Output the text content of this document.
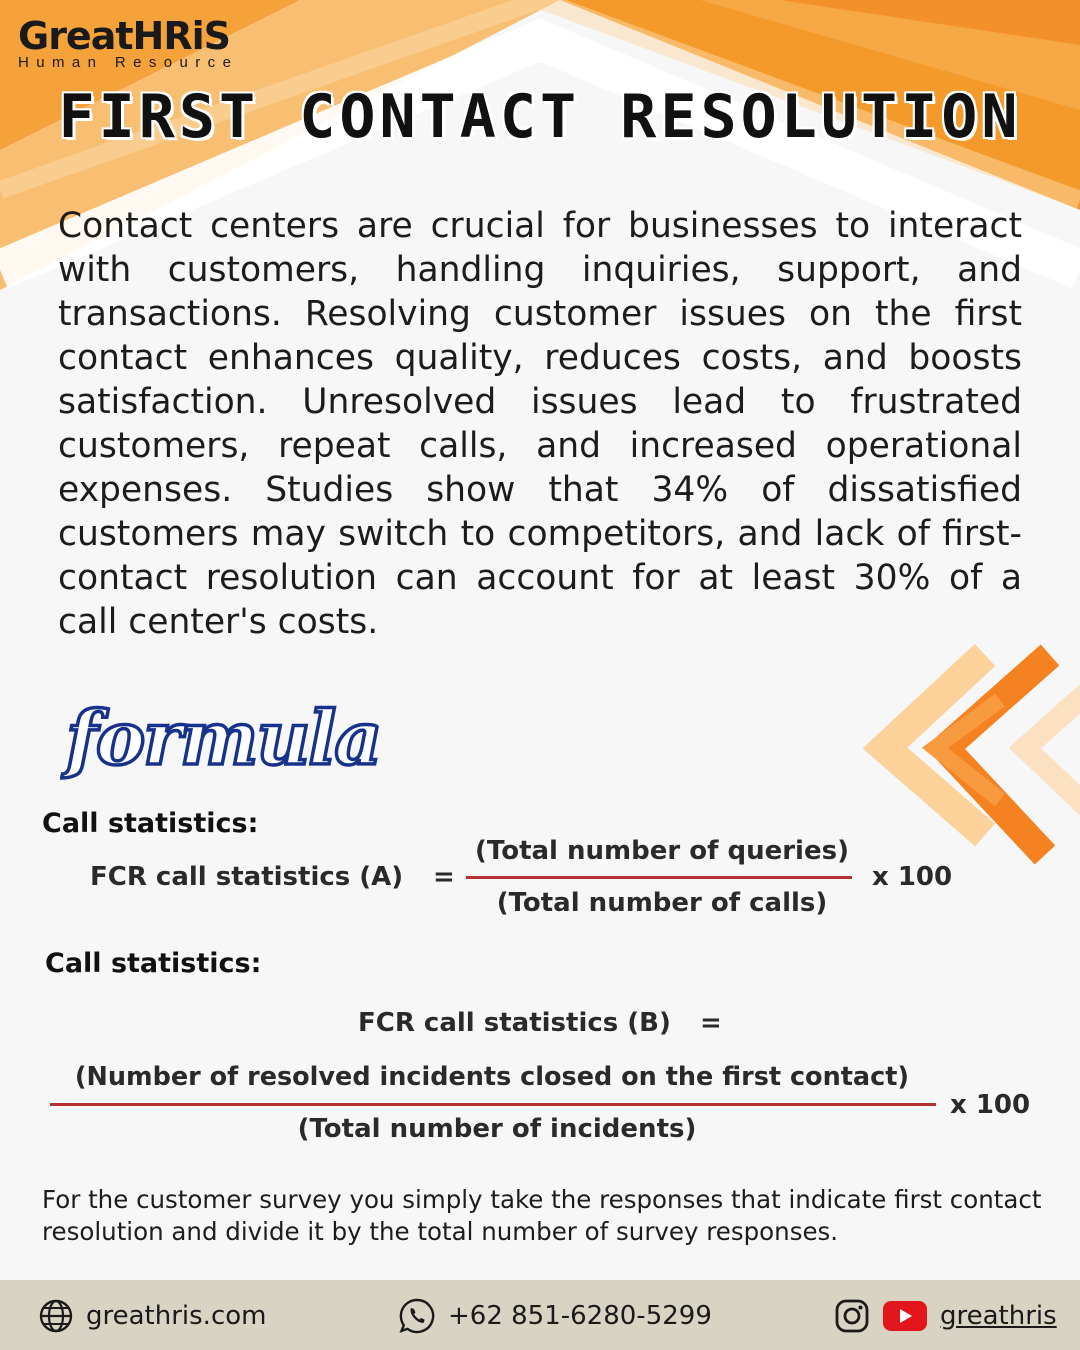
GreatHRiS
Human Resource
FIRST CONTACT RESOLUTION
Contact centers are crucial for businesses to interact with customers, handling inquiries, support, and transactions. Resolving customer issues on the first contact enhances quality, reduces costs, and boosts satisfaction. Unresolved issues lead to frustrated customers, repeat calls, and increased operational expenses. Studies show that 34% of dissatisfied customers may switch to competitors, and lack of first-contact resolution can account for at least 30% of a call center's costs.
formula
Call statistics:
FCR call statistics (A) =
(Total number of queries)
(Total number of calls)
x 100
Call statistics:
FCR call statistics (B) =
(Number of resolved incidents closed on the first contact)
(Total number of incidents)
x 100
For the customer survey you simply take the responses that indicate first contact resolution and divide it by the total number of survey responses.
greathris.com	+62 851-6280-5299	greathris
